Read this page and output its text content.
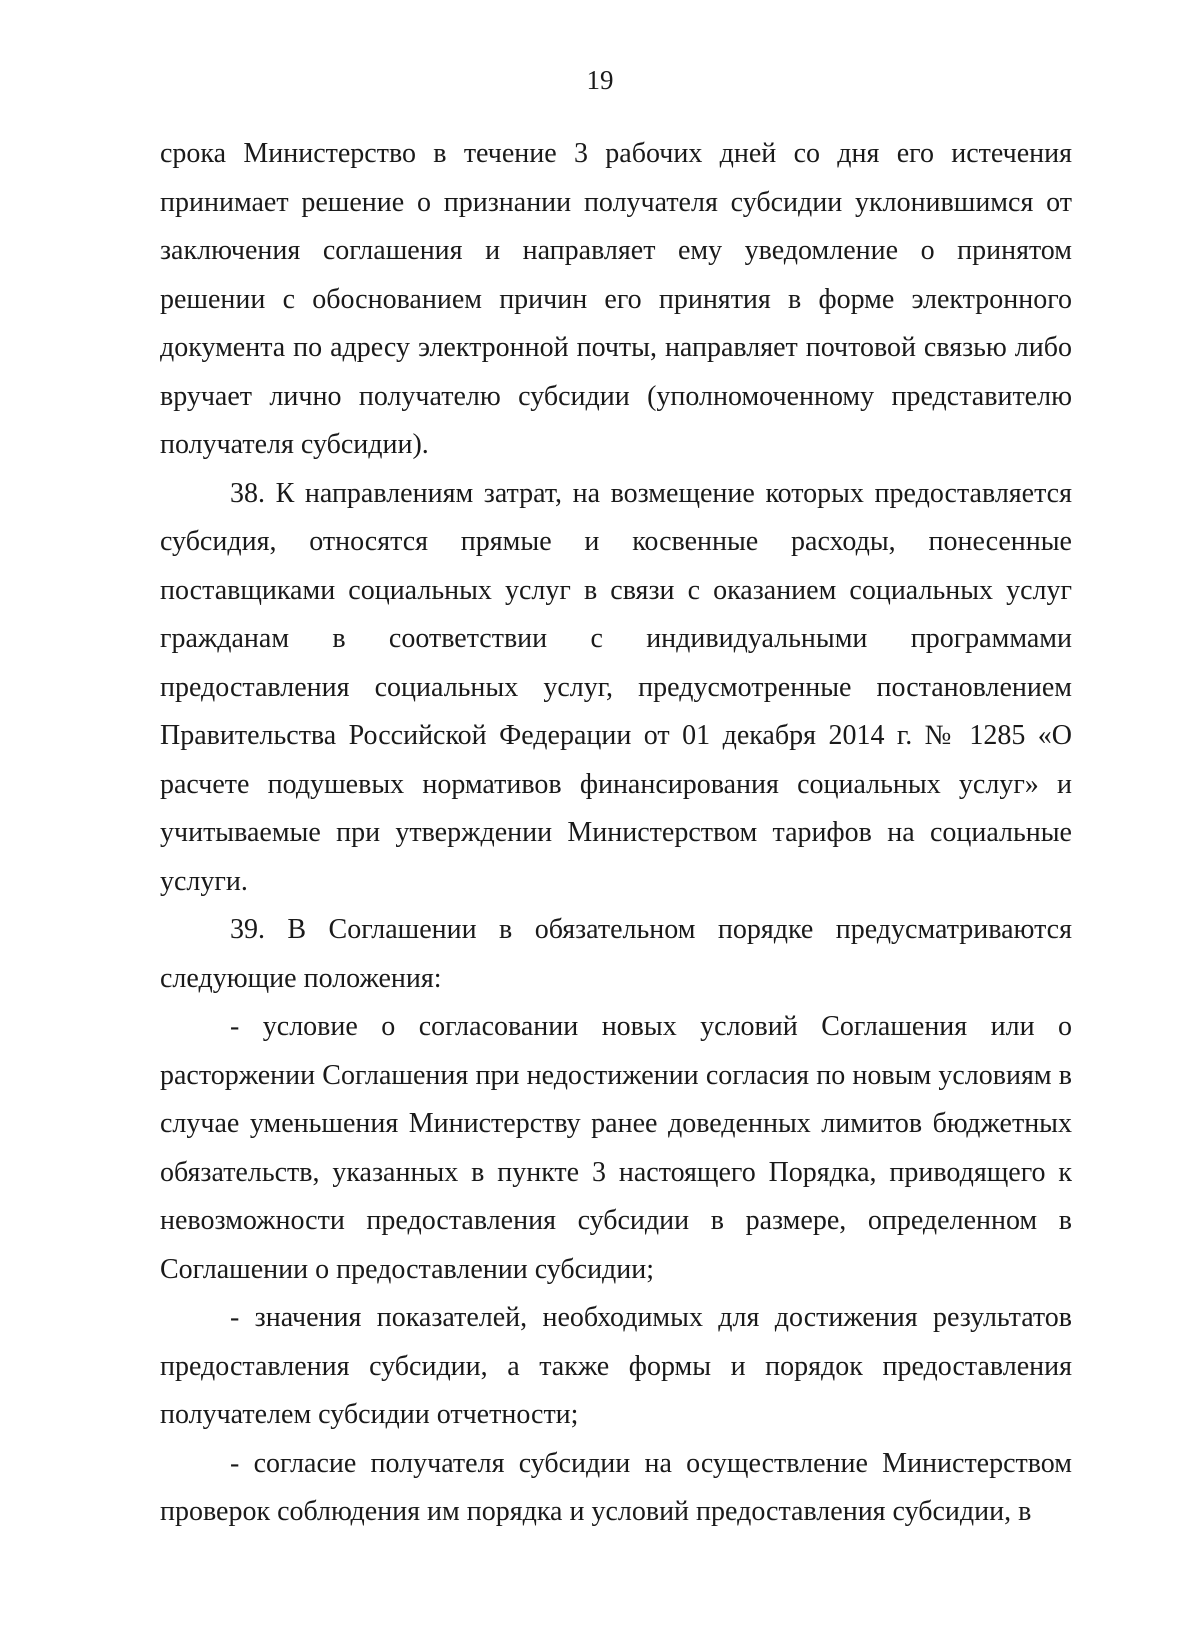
19

срока Министерство в течение 3 рабочих дней со дня его истечения принимает решение о признании получателя субсидии уклонившимся от заключения соглашения и направляет ему уведомление о принятом решении с обоснованием причин его принятия в форме электронного документа по адресу электронной почты, направляет почтовой связью либо вручает лично получателю субсидии (уполномоченному представителю получателя субсидии).

38. К направлениям затрат, на возмещение которых предоставляется субсидия, относятся прямые и косвенные расходы, понесенные поставщиками социальных услуг в связи с оказанием социальных услуг гражданам в соответствии с индивидуальными программами предоставления социальных услуг, предусмотренные постановлением Правительства Российской Федерации от 01 декабря 2014 г. № 1285 «О расчете подушевых нормативов финансирования социальных услуг» и учитываемые при утверждении Министерством тарифов на социальные услуги.

39. В Соглашении в обязательном порядке предусматриваются следующие положения:

- условие о согласовании новых условий Соглашения или о расторжении Соглашения при недостижении согласия по новым условиям в случае уменьшения Министерству ранее доведенных лимитов бюджетных обязательств, указанных в пункте 3 настоящего Порядка, приводящего к невозможности предоставления субсидии в размере, определенном в Соглашении о предоставлении субсидии;

- значения показателей, необходимых для достижения результатов предоставления субсидии, а также формы и порядок предоставления получателем субсидии отчетности;

- согласие получателя субсидии на осуществление Министерством проверок соблюдения им порядка и условий предоставления субсидии, в
